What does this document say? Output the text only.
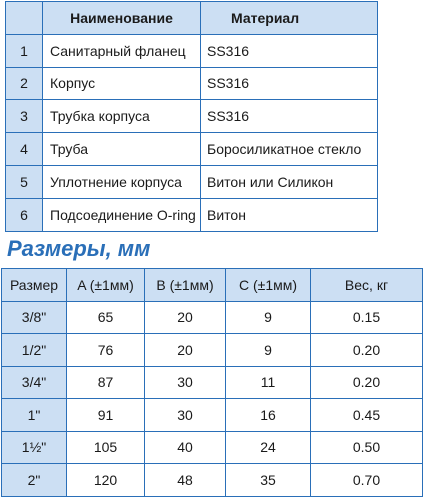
	Наименование	Материал
1	Санитарный фланец	SS316
2	Корпус	SS316
3	Трубка корпуса	SS316
4	Труба	Боросиликатное стекло
5	Уплотнение корпуса	Витон или Силикон
6	Подсоединение O-ring	Витон
Размеры, мм
Размер	A (±1мм)	B (±1мм)	C (±1мм)	Вес, кг
3/8"	65	20	9	0.15
1/2"	76	20	9	0.20
3/4"	87	30	11	0.20
1"	91	30	16	0.45
1½"	105	40	24	0.50
2"	120	48	35	0.70
